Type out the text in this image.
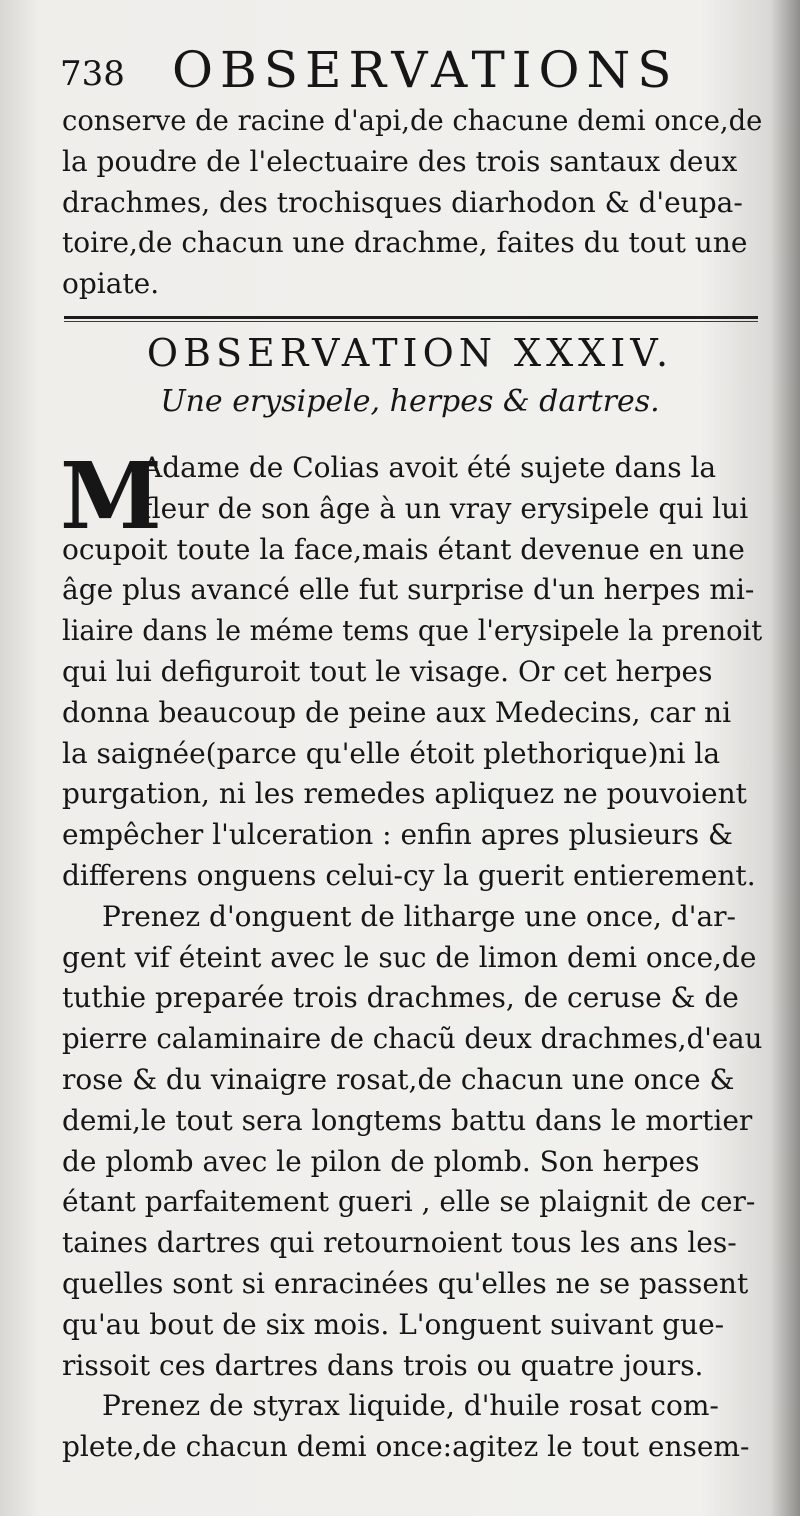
738 OBSERVATIONS
conserve de racine d'api,de chacune demi once,de
la poudre de l'electuaire des trois santaux deux
drachmes, des trochisques diarhodon & d'eupa-
toire,de chacun une drachme, faites du tout une
opiate.
OBSERVATION XXXIV.
Une erysipele, herpes & dartres.
M
Adame de Colias avoit été sujete dans la
fleur de son âge à un vray erysipele qui lui
ocupoit toute la face,mais étant devenue en une
âge plus avancé elle fut surprise d'un herpes mi-
liaire dans le méme tems que l'erysipele la prenoit
qui lui defiguroit tout le visage. Or cet herpes
donna beaucoup de peine aux Medecins, car ni
la saignée(parce qu'elle étoit plethorique)ni la
purgation, ni les remedes apliquez ne pouvoient
empêcher l'ulceration : enfin apres plusieurs &
differens onguens celui-cy la guerit entierement.
Prenez d'onguent de litharge une once, d'ar-
gent vif éteint avec le suc de limon demi once,de
tuthie preparée trois drachmes, de ceruse & de
pierre calaminaire de chacũ deux drachmes,d'eau
rose & du vinaigre rosat,de chacun une once &
demi,le tout sera longtems battu dans le mortier
de plomb avec le pilon de plomb. Son herpes
étant parfaitement gueri , elle se plaignit de cer-
taines dartres qui retournoient tous les ans les-
quelles sont si enracinées qu'elles ne se passent
qu'au bout de six mois. L'onguent suivant gue-
rissoit ces dartres dans trois ou quatre jours.
Prenez de styrax liquide, d'huile rosat com-
plete,de chacun demi once:agitez le tout ensem-
